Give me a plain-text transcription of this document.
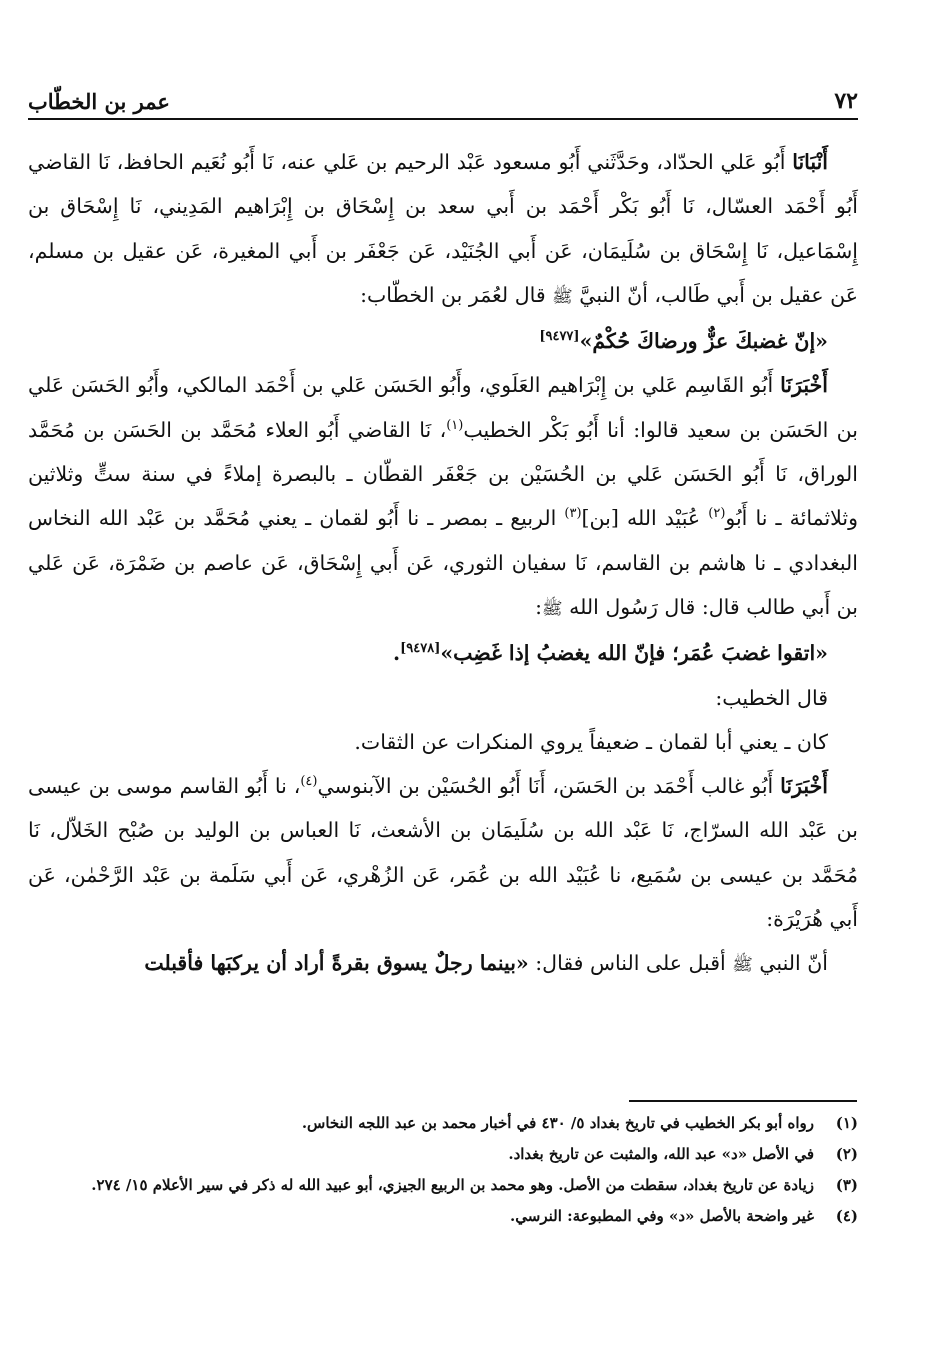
٧٢
عمر بن الخطّاب

أَنْبَانَا أَبُو عَلي الحدّاد، وحَدَّثَني أَبُو مسعود عَبْد الرحيم بن عَلي عنه، نَا أَبُو نُعَيم الحافظ، نَا القاضي أَبُو أَحْمَد العسّال، نَا أَبُو بَكْر أَحْمَد بن أَبي سعد بن إِسْحَاق بن إِبْرَاهيم المَدِيني، نَا إِسْحَاق بن إِسْمَاعيل، نَا إِسْحَاق بن سُلَيمَان، عَن أَبي الجُنَيْد، عَن جَعْفَر بن أَبي المغيرة، عَن عقيل بن مسلم، عَن عقيل بن أَبي طَالب، أنّ النبيَّ ﷺ قال لعُمَر بن الخطّاب:

«إنّ غضبكَ عزٌّ ورضاكَ حُكْمٌ»[٩٤٧٧]

أَخْبَرَنَا أَبُو القَاسِم عَلي بن إِبْرَاهيم العَلَوي، وأَبُو الحَسَن عَلي بن أَحْمَد المالكي، وأَبُو الحَسَن عَلي بن الحَسَن بن سعيد قالوا: أنا أَبُو بَكْر الخطيب$^{(١)}$، نَا القاضي أَبُو العلاء مُحَمَّد بن الحَسَن بن مُحَمَّد الوراق، نَا أَبُو الحَسَن عَلي بن الحُسَيْن بن جَعْفَر القطّان ـ بالبصرة إملاءً في سنة ستٍّ وثلاثين وثلاثمائة ـ نا أَبُو$^{(٢)}$ عُبَيْد الله [بن]$^{(٣)}$ الربيع ـ بمصر ـ نا أَبُو لقمان ـ يعني مُحَمَّد بن عَبْد الله النخاس البغدادي ـ نا هاشم بن القاسم، نَا سفيان الثوري، عَن أَبي إِسْحَاق، عَن عاصم بن ضَمْرَة، عَن عَلي بن أَبي طالب قال: قال رَسُول الله ﷺ:

«اتقوا غضبَ عُمَر؛ فإنّ الله يغضبُ إذا غَضِب»[٩٤٧٨].

قال الخطيب:

كان ـ يعني أبا لقمان ـ ضعيفاً يروي المنكرات عن الثقات.

أَخْبَرَنَا أَبُو غالب أَحْمَد بن الحَسَن، أَنَا أَبُو الحُسَيْن بن الآبنوسي$^{(٤)}$، نا أَبُو القاسم موسى بن عيسى بن عَبْد الله السرّاج، نَا عَبْد الله بن سُلَيمَان بن الأشعث، نَا العباس بن الوليد بن صُبْح الخَلاّل، نَا مُحَمَّد بن عيسى بن سُمَيع، نا عُبَيْد الله بن عُمَر، عَن الزُهْري، عَن أَبي سَلَمة بن عَبْد الرَّحْمٰن، عَن أَبي هُرَيْرَة:

أنّ النبي ﷺ أقبل على الناس فقال: «بينما رجلٌ يسوق بقرةً أراد أن يركبَها فأقبلت

(١)
رواه أبو بكر الخطيب في تاريخ بغداد ٥/ ٤٣٠ في أخبار محمد بن عبد اللجه النخاس.
(٢)
في الأصل «د» عبد الله، والمثبت عن تاريخ بغداد.
(٣)
زيادة عن تاريخ بغداد، سقطت من الأصل. وهو محمد بن الربيع الجيزي، أبو عبيد الله له ذكر في سير الأعلام ١٥/ ٢٧٤.
(٤)
غير واضحة بالأصل «د» وفي المطبوعة: النرسي.
